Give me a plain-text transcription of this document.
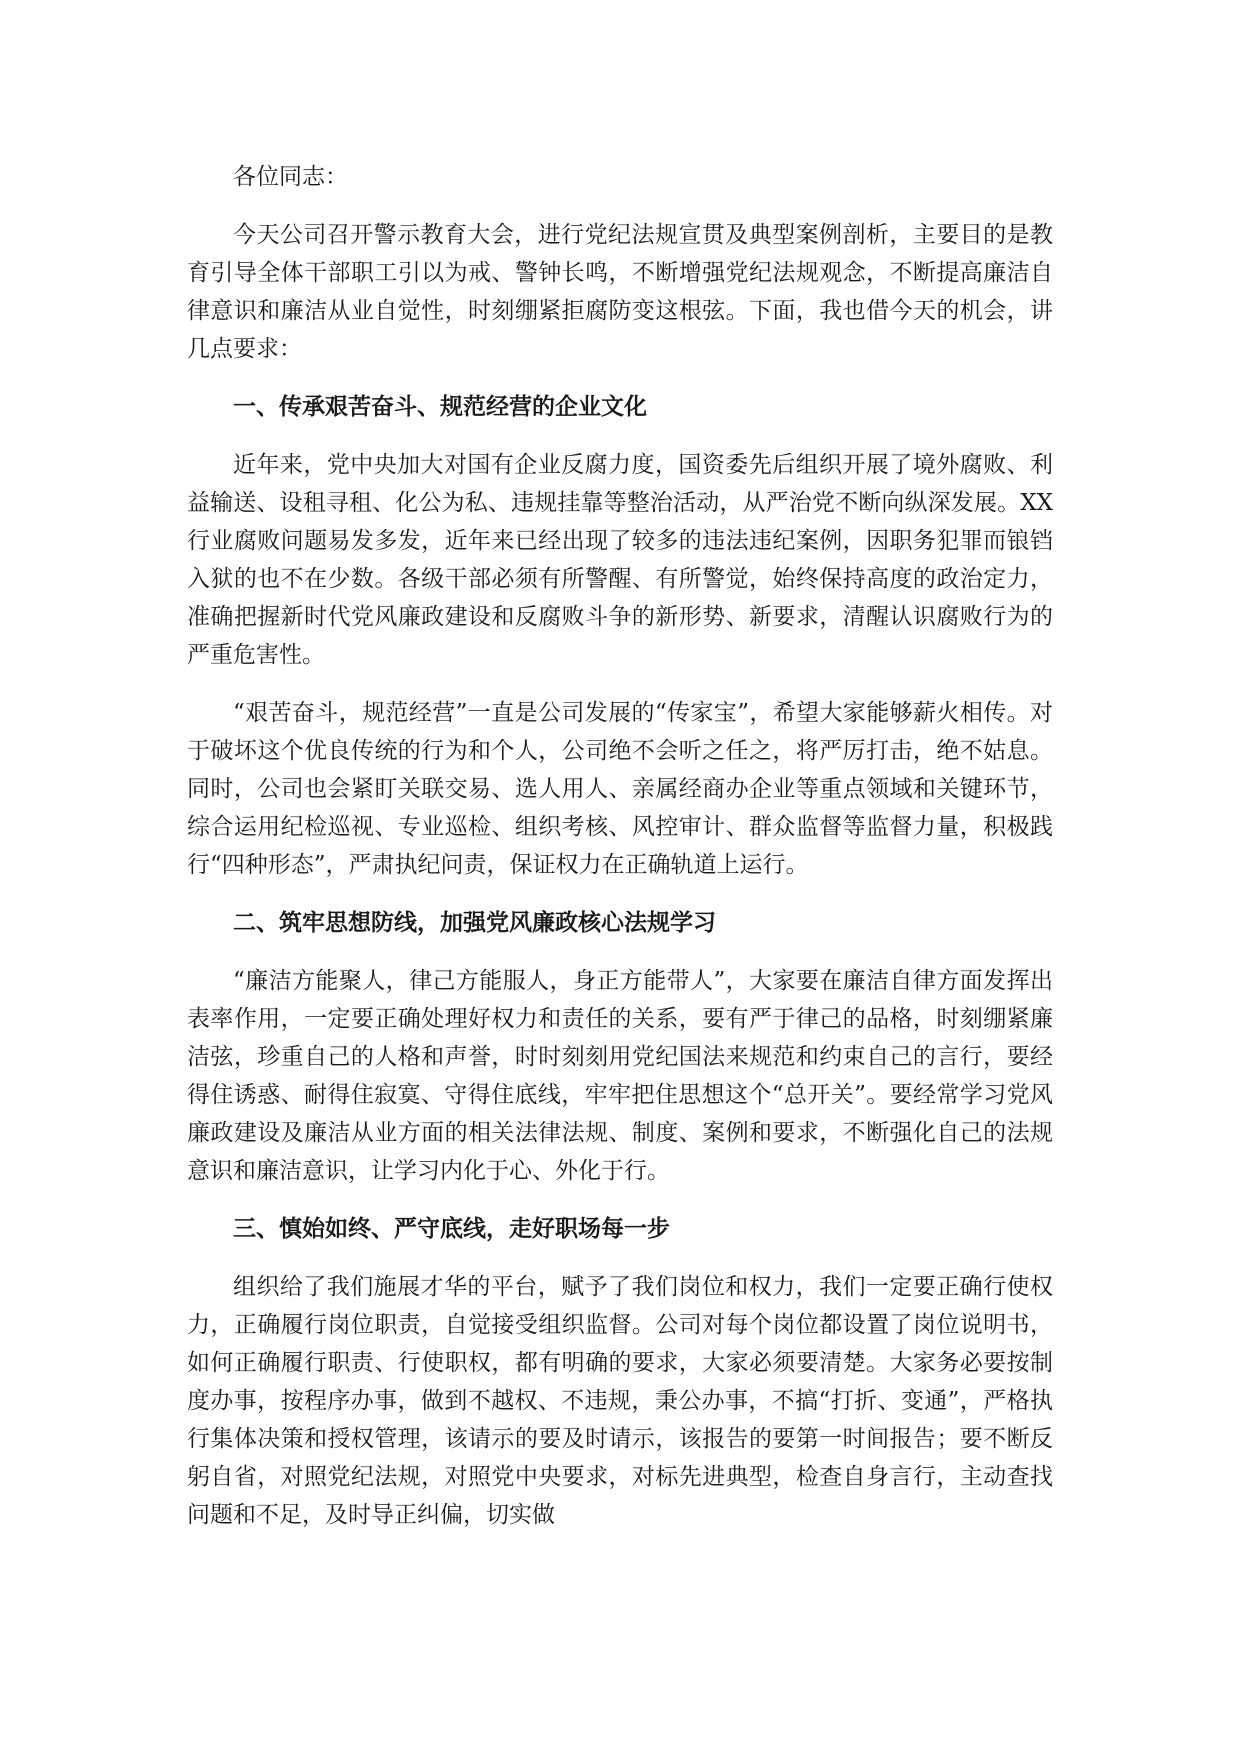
各位同志：

今天公司召开警示教育大会，进行党纪法规宣贯及典型案例剖析，主要目的是教育引导全体干部职工引以为戒、警钟长鸣，不断增强党纪法规观念，不断提高廉洁自律意识和廉洁从业自觉性，时刻绷紧拒腐防变这根弦。下面，我也借今天的机会，讲几点要求：

一、传承艰苦奋斗、规范经营的企业文化

近年来，党中央加大对国有企业反腐力度，国资委先后组织开展了境外腐败、利益输送、设租寻租、化公为私、违规挂靠等整治活动，从严治党不断向纵深发展。XX行业腐败问题易发多发，近年来已经出现了较多的违法违纪案例，因职务犯罪而锒铛入狱的也不在少数。各级干部必须有所警醒、有所警觉，始终保持高度的政治定力，准确把握新时代党风廉政建设和反腐败斗争的新形势、新要求，清醒认识腐败行为的严重危害性。

“艰苦奋斗，规范经营”一直是公司发展的“传家宝”，希望大家能够薪火相传。对于破坏这个优良传统的行为和个人，公司绝不会听之任之，将严厉打击，绝不姑息。同时，公司也会紧盯关联交易、选人用人、亲属经商办企业等重点领域和关键环节，综合运用纪检巡视、专业巡检、组织考核、风控审计、群众监督等监督力量，积极践行“四种形态”，严肃执纪问责，保证权力在正确轨道上运行。

二、筑牢思想防线，加强党风廉政核心法规学习

“廉洁方能聚人，律己方能服人，身正方能带人”，大家要在廉洁自律方面发挥出表率作用，一定要正确处理好权力和责任的关系，要有严于律己的品格，时刻绷紧廉洁弦，珍重自己的人格和声誉，时时刻刻用党纪国法来规范和约束自己的言行，要经得住诱惑、耐得住寂寞、守得住底线，牢牢把住思想这个“总开关”。要经常学习党风廉政建设及廉洁从业方面的相关法律法规、制度、案例和要求，不断强化自己的法规意识和廉洁意识，让学习内化于心、外化于行。

三、慎始如终、严守底线，走好职场每一步

组织给了我们施展才华的平台，赋予了我们岗位和权力，我们一定要正确行使权力，正确履行岗位职责，自觉接受组织监督。公司对每个岗位都设置了岗位说明书，如何正确履行职责、行使职权，都有明确的要求，大家必须要清楚。大家务必要按制度办事，按程序办事，做到不越权、不违规，秉公办事，不搞“打折、变通”，严格执行集体决策和授权管理，该请示的要及时请示，该报告的要第一时间报告；要不断反躬自省，对照党纪法规，对照党中央要求，对标先进典型，检查自身言行，主动查找问题和不足，及时导正纠偏，切实做
